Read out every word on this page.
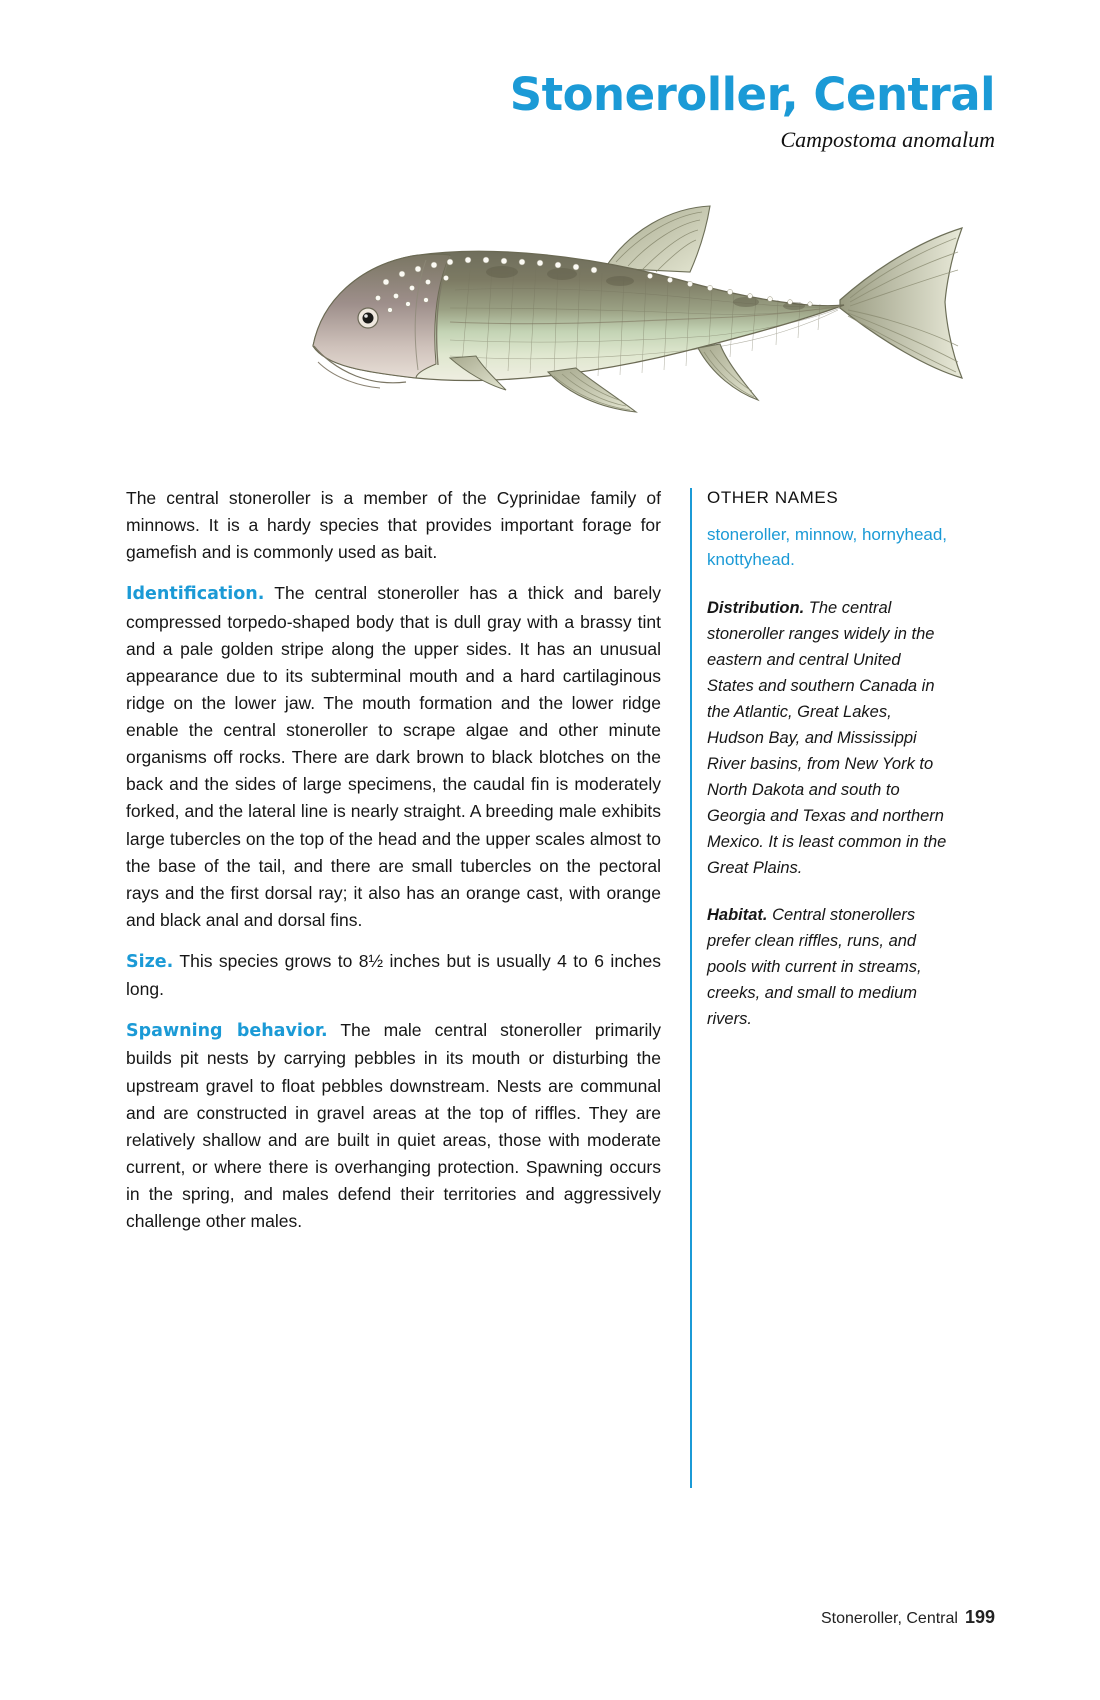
Stoneroller, Central
Campostoma anomalum

The central stoneroller is a member of the Cyprinidae family of minnows. It is a hardy species that provides important forage for gamefish and is commonly used as bait.

Identification. The central stoneroller has a thick and barely compressed torpedo-shaped body that is dull gray with a brassy tint and a pale golden stripe along the upper sides. It has an unusual appearance due to its subterminal mouth and a hard cartilaginous ridge on the lower jaw. The mouth formation and the lower ridge enable the central stoneroller to scrape algae and other minute organisms off rocks. There are dark brown to black blotches on the back and the sides of large specimens, the caudal fin is moderately forked, and the lateral line is nearly straight. A breeding male exhibits large tubercles on the top of the head and the upper scales almost to the base of the tail, and there are small tubercles on the pectoral rays and the first dorsal ray; it also has an orange cast, with orange and black anal and dorsal fins.

Size. This species grows to 8½ inches but is usually 4 to 6 inches long.

Spawning behavior. The male central stoneroller primarily builds pit nests by carrying pebbles in its mouth or disturbing the upstream gravel to float pebbles downstream. Nests are communal and are constructed in gravel areas at the top of riffles. They are relatively shallow and are built in quiet areas, those with moderate current, or where there is overhanging protection. Spawning occurs in the spring, and males defend their territories and aggressively challenge other males.

OTHER NAMES
stoneroller, minnow, hornyhead, knottyhead.

Distribution. The central stoneroller ranges widely in the eastern and central United States and southern Canada in the Atlantic, Great Lakes, Hudson Bay, and Mississippi River basins, from New York to North Dakota and south to Georgia and Texas and northern Mexico. It is least common in the Great Plains.

Habitat. Central stonerollers prefer clean riffles, runs, and pools with current in streams, creeks, and small to medium rivers.

Stoneroller, Central 199
